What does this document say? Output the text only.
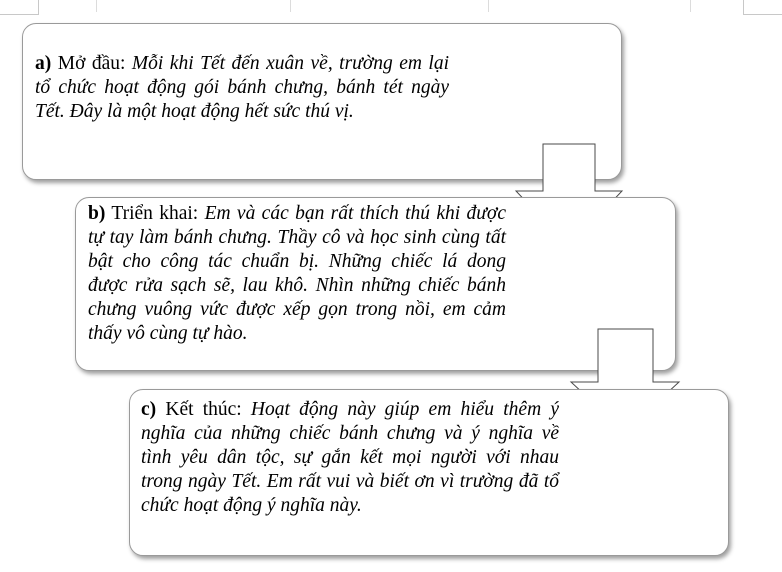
a) Mở đầu: Mỗi khi Tết đến xuân về, trường em lại tổ chức hoạt động gói bánh chưng, bánh tét ngày Tết. Đây là một hoạt động hết sức thú vị.
b) Triển khai: Em và các bạn rất thích thú khi được tự tay làm bánh chưng. Thầy cô và học sinh cùng tất bật cho công tác chuẩn bị. Những chiếc lá dong được rửa sạch sẽ, lau khô. Nhìn những chiếc bánh chưng vuông vức được xếp gọn trong nồi, em cảm thấy vô cùng tự hào.
c) Kết thúc: Hoạt động này giúp em hiểu thêm ý nghĩa của những chiếc bánh chưng và ý nghĩa về tình yêu dân tộc, sự gắn kết mọi người với nhau trong ngày Tết. Em rất vui và biết ơn vì trường đã tổ chức hoạt động ý nghĩa này.
